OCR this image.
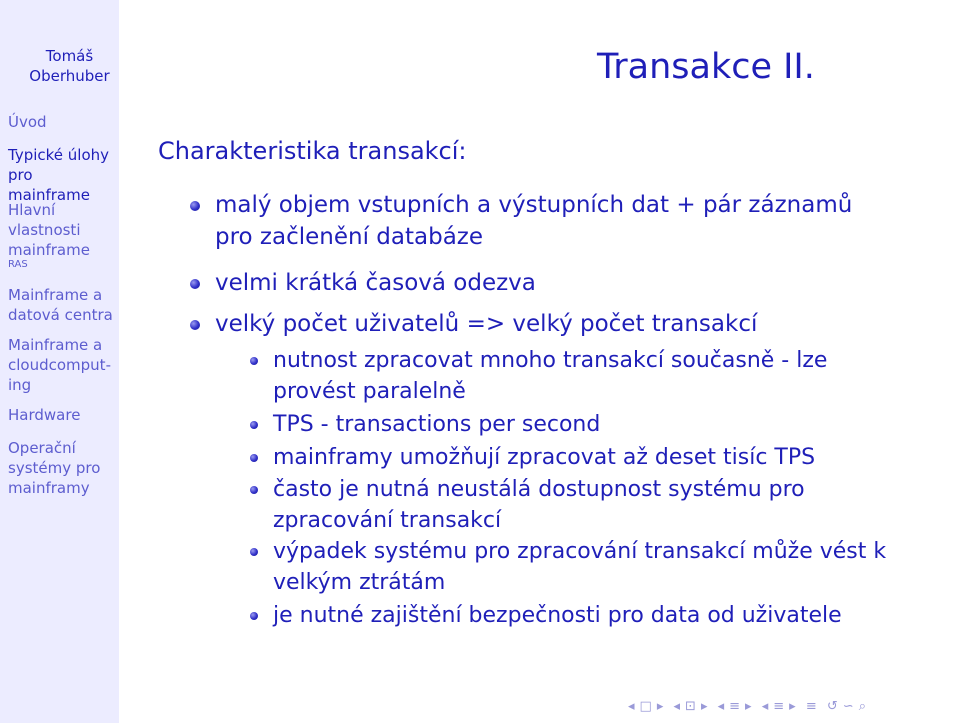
Tomáš
Oberhuber
Úvod
Typické úlohy
pro mainframe
Hlavní
vlastnosti
mainframe
RAS
Mainframe a
datová centra
Mainframe a
cloudcomput-
ing
Hardware
Operační
systémy pro
mainframy
Transakce II.
Charakteristika transakcí:
malý objem vstupních a výstupních dat + pár záznamů
pro začlenění databáze
velmi krátká časová odezva
velký počet uživatelů => velký počet transakcí
nutnost zpracovat mnoho transakcí současně - lze
provést paralelně
TPS - transactions per second
mainframy umožňují zpracovat až deset tisíc TPS
často je nutná neustálá dostupnost systému pro
zpracování transakcí
výpadek systému pro zpracování transakcí může vést k
velkým ztrátám
je nutné zajištění bezpečnosti pro data od uživatele
◂ □ ▸ ◂ ⊡ ▸ ◂ ≡ ▸ ◂ ≡ ▸ ≡ ↺ ∽ ⌕
